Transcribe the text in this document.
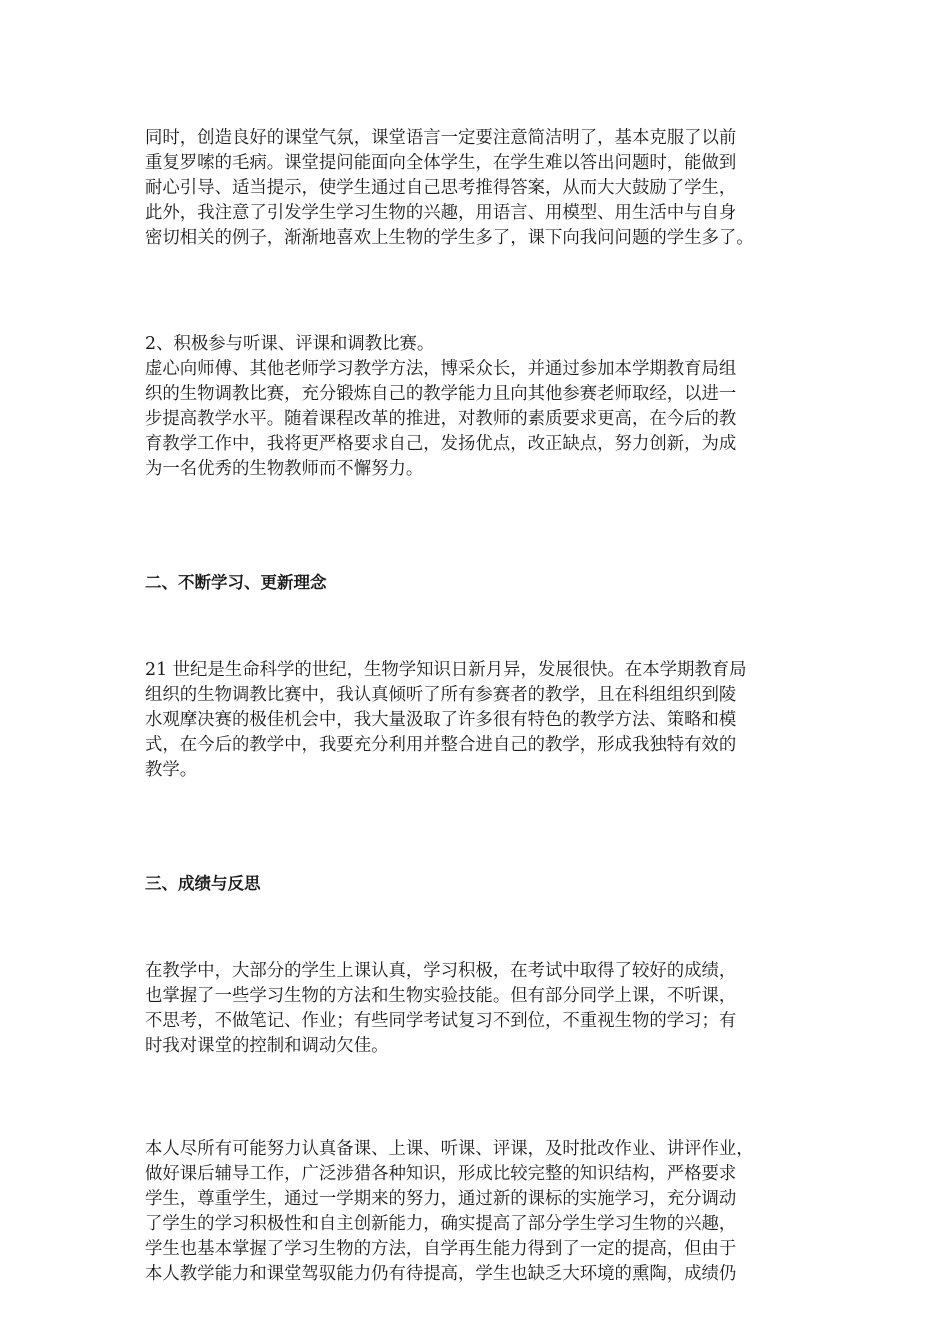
同时，创造良好的课堂气氛，课堂语言一定要注意简洁明了，基本克服了以前
重复罗嗦的毛病。课堂提问能面向全体学生，在学生难以答出问题时，能做到
耐心引导、适当提示，使学生通过自己思考推得答案，从而大大鼓励了学生，
此外，我注意了引发学生学习生物的兴趣，用语言、用模型、用生活中与自身
密切相关的例子，渐渐地喜欢上生物的学生多了，课下向我问问题的学生多了。

2、积极参与听课、评课和调教比赛。
虚心向师傅、其他老师学习教学方法，博采众长，并通过参加本学期教育局组
织的生物调教比赛，充分锻炼自己的教学能力且向其他参赛老师取经，以进一
步提高教学水平。随着课程改革的推进，对教师的素质要求更高，在今后的教
育教学工作中，我将更严格要求自己，发扬优点，改正缺点，努力创新，为成
为一名优秀的生物教师而不懈努力。

二、不断学习、更新理念

21 世纪是生命科学的世纪，生物学知识日新月异，发展很快。在本学期教育局
组织的生物调教比赛中，我认真倾听了所有参赛者的教学，且在科组组织到陵
水观摩决赛的极佳机会中，我大量汲取了许多很有特色的教学方法、策略和模
式，在今后的教学中，我要充分利用并整合进自己的教学，形成我独特有效的
教学。

三、成绩与反思

在教学中，大部分的学生上课认真，学习积极，在考试中取得了较好的成绩，
也掌握了一些学习生物的方法和生物实验技能。但有部分同学上课，不听课，
不思考，不做笔记、作业；有些同学考试复习不到位，不重视生物的学习；有
时我对课堂的控制和调动欠佳。

本人尽所有可能努力认真备课、上课、听课、评课，及时批改作业、讲评作业，
做好课后辅导工作，广泛涉猎各种知识，形成比较完整的知识结构，严格要求
学生，尊重学生，通过一学期来的努力，通过新的课标的实施学习，充分调动
了学生的学习积极性和自主创新能力，确实提高了部分学生学习生物的兴趣，
学生也基本掌握了学习生物的方法，自学再生能力得到了一定的提高，但由于
本人教学能力和课堂驾驭能力仍有待提高，学生也缺乏大环境的熏陶，成绩仍
